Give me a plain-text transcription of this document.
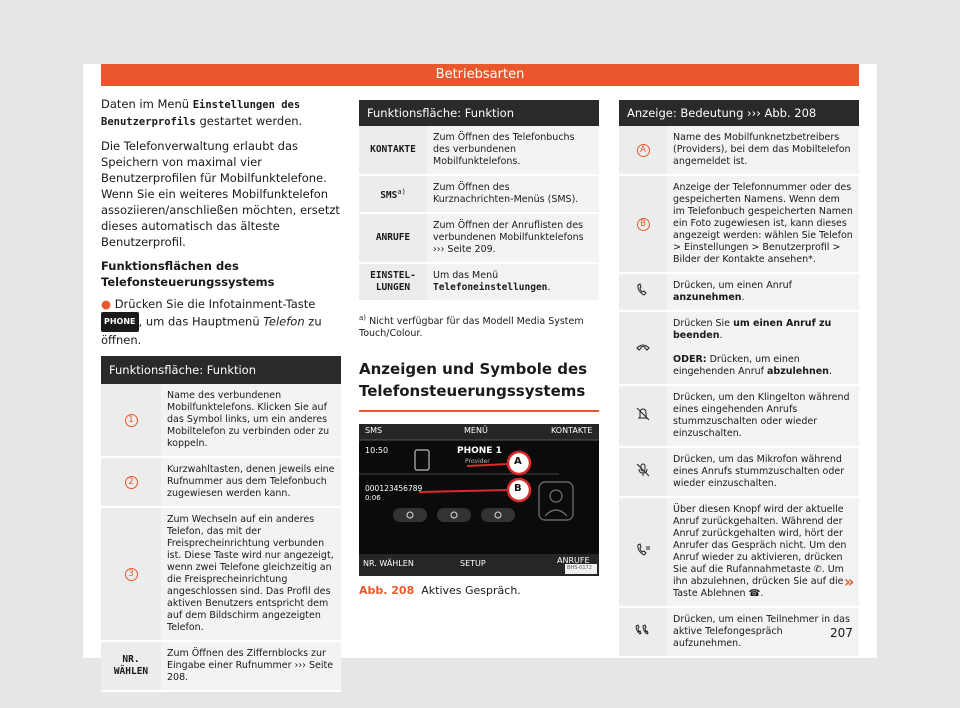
Betriebsarten

Daten im Menü Einstellungen des Benutzerprofils gestartet werden.

Die Telefonverwaltung erlaubt das Speichern von maximal vier Benutzerprofilen für Mobilfunktelefone. Wenn Sie ein weiteres Mobilfunktelefon assoziieren/anschließen möchten, ersetzt dieses automatisch das älteste Benutzerprofil.

Funktionsflächen des Telefonsteuerungssystems

● Drücken Sie die Infotainment-Taste PHONE , um das Hauptmenü Telefon zu öffnen.

Funktionsfläche: Funktion	
1	Name des verbundenen Mobilfunktelefons. Klicken Sie auf das Symbol links, um ein anderes Mobiltelefon zu verbinden oder zu koppeln.
2	Kurzwahltasten, denen jeweils eine Rufnummer aus dem Telefonbuch zugewiesen werden kann.
3	Zum Wechseln auf ein anderes Telefon, das mit der Freisprecheinrichtung verbunden ist. Diese Taste wird nur angezeigt, wenn zwei Telefone gleichzeitig an die Freisprecheinrichtung angeschlossen sind. Das Profil des aktiven Benutzers entspricht dem auf dem Bildschirm angezeigten Telefon.
NR. WÄHLEN	Zum Öffnen des Ziffernblocks zur Eingabe einer Rufnummer ››› Seite 208.
Funktionsfläche: Funktion	
KONTAKTE	Zum Öffnen des Telefonbuchs des verbundenen Mobilfunktelefons.
SMS$^{a)}$	Zum Öffnen des Kurznachrichten-Menüs (SMS).
ANRUFE	Zum Öffnen der Anruflisten des verbundenen Mobilfunktelefons ››› Seite 209.
EINSTEL-LUNGEN	Um das Menü Telefoneinstellungen.
$^{a)}$ Nicht verfügbar für das Modell Media System Touch/Colour.
Anzeigen und Symbole des Telefonsteuerungssystems
SMS	MENÜ	KONTAKTE
10:50	PHONE 1
Provider
000123456789
0:06
NR. WÄHLEN	SETUP	ANRUFE
A
B
BHS-0172
Abb. 208 Aktives Gespräch.
Anzeige: Bedeutung ››› Abb. 208	
A	Name des Mobilfunknetzbetreibers (Providers), bei dem das Mobiltelefon angemeldet ist.
B	Anzeige der Telefonnummer oder des gespeicherten Namens. Wenn dem im Telefonbuch gespeicherten Namen ein Foto zugewiesen ist, kann dieses angezeigt werden: wählen Sie Telefon > Einstellungen > Benutzerprofil > Bilder der Kontakte ansehen*.
	Drücken, um einen Anruf anzunehmen.
	Drücken Sie um einen Anruf zu beenden.

ODER: Drücken, um einen eingehenden Anruf abzulehnen.
	Drücken, um den Klingelton während eines eingehenden Anrufs stummzuschalten oder wieder einzuschalten.
	Drücken, um das Mikrofon während eines Anrufs stummzuschalten oder wieder einzuschalten.
	Über diesen Knopf wird der aktuelle Anruf zurückgehalten. Während der Anruf zurückgehalten wird, hört der Anrufer das Gespräch nicht. Um den Anruf wieder zu aktivieren, drücken Sie auf die Rufannahmetaste ✆. Um ihn abzulehnen, drücken Sie auf die Taste Ablehnen ☎.
	Drücken, um einen Teilnehmer in das aktive Telefongespräch aufzunehmen.
»
207
